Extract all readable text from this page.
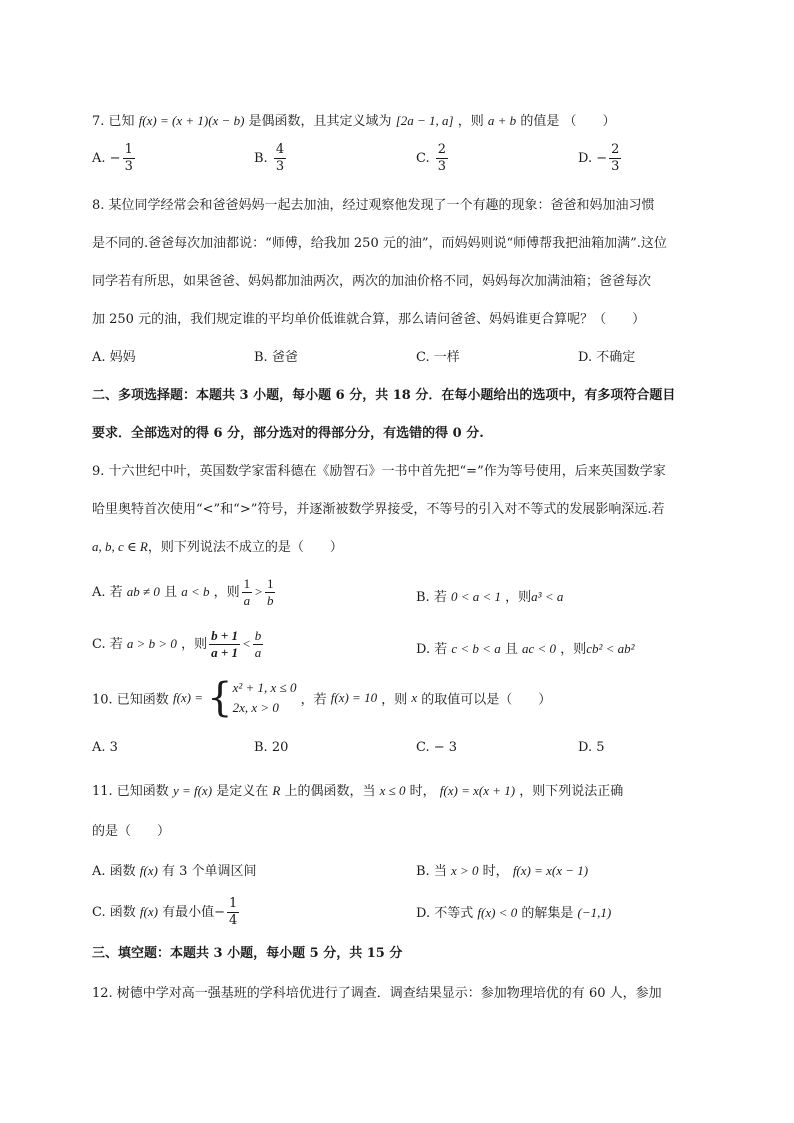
7. 已知 f(x) = (x + 1)(x − b) 是偶函数，且其定义域为 [2a − 1, a] ，则 a + b 的值是 （　　）
A. − $\frac{1}{3}$	B. $\frac{4}{3}$	C. $\frac{2}{3}$	D. − $\frac{2}{3}$
8. 某位同学经常会和爸爸妈妈一起去加油，经过观察他发现了一个有趣的现象：爸爸和妈加油习惯
是不同的.爸爸每次加油都说：“师傅，给我加 250 元的油”，而妈妈则说“师傅帮我把油箱加满”.这位
同学若有所思，如果爸爸、妈妈都加油两次，两次的加油价格不同，妈妈每次加满油箱；爸爸每次
加 250 元的油，我们规定谁的平均单价低谁就合算，那么请问爸爸、妈妈谁更合算呢？（　　）
A. 妈妈	B. 爸爸	C. 一样	D. 不确定
二、多项选择题：本题共 3 小题，每小题 6 分，共 18 分．在每小题给出的选项中，有多项符合题目
要求．全部选对的得 6 分，部分选对的得部分分，有选错的得 0 分.
9. 十六世纪中叶，英国数学家雷科德在《励智石》一书中首先把“=”作为等号使用，后来英国数学家
哈里奥特首次使用“<”和“>”符号，并逐渐被数学界接受，不等号的引入对不等式的发展影响深远.若
a, b, c ∈ R，则下列说法不成立的是（　　）
A. 若 ab ≠ 0 且 a < b ，则 $\frac{1}{a} > \frac{1}{b}$	B. 若 0 < a < 1 ，则a³ < a
C. 若 a > b > 0 ，则 $\frac{b + 1}{a + 1} < \frac{b}{a}$	D. 若 c < b < a 且 ac < 0 ，则cb² < ab²
10. 已知函数 f(x) = { x² + 1, x ≤ 0
2x, x > 0	，若 f(x) = 10 ，则 x 的取值可以是（　　）
A. 3	B. 20	C. − 3	D. 5
11. 已知函数 y = f(x) 是定义在 R 上的偶函数，当 x ≤ 0 时， f(x) = x(x + 1) ，则下列说法正确
的是（　　）
A. 函数 f(x) 有 3 个单调区间	B. 当 x > 0 时， f(x) = x(x − 1)
C. 函数 f(x) 有最小值− $\frac{1}{4}$	D. 不等式 f(x) < 0 的解集是 (−1,1)
三、填空题：本题共 3 小题，每小题 5 分，共 15 分
12. 树德中学对高一强基班的学科培优进行了调查．调查结果显示：参加物理培优的有 60 人，参加
